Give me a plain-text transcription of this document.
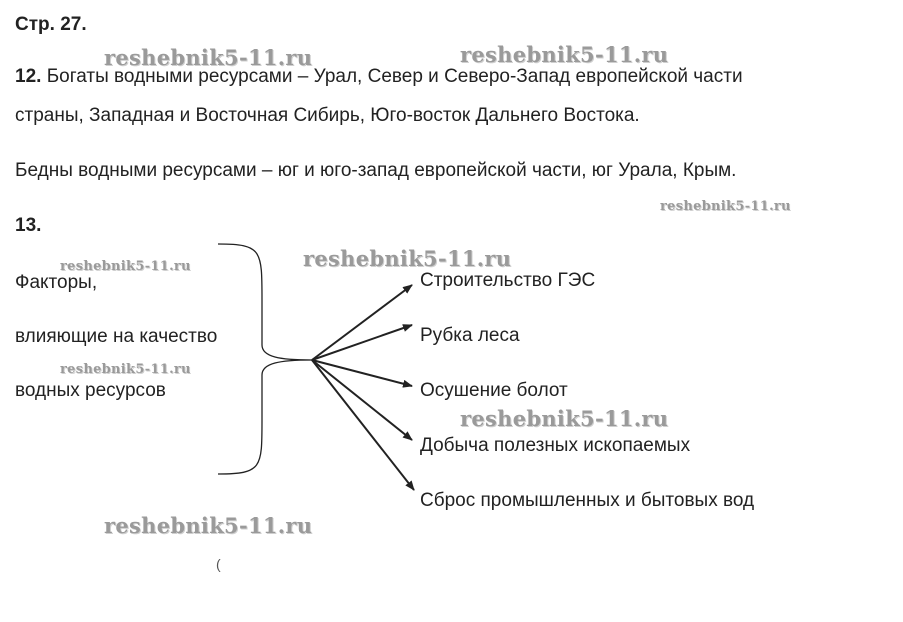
Стр. 27.
12. Богаты водными ресурсами – Урал, Север и Северо-Запад европейской части
страны, Западная и Восточная Сибирь, Юго-восток Дальнего Востока.
Бедны водными ресурсами – юг и юго-запад европейской части, юг Урала, Крым.
13.
Факторы,
влияющие на качество
водных ресурсов
Строительство ГЭС
Рубка леса
Осушение болот
Добыча полезных ископаемых
Сброс промышленных и бытовых вод
reshebnik5-11.ru	reshebnik5-11.ru
reshebnik5-11.ru
reshebnik5-11.ru
reshebnik5-11.ru
reshebnik5-11.ru
reshebnik5-11.ru
reshebnik5-11.ru
(
